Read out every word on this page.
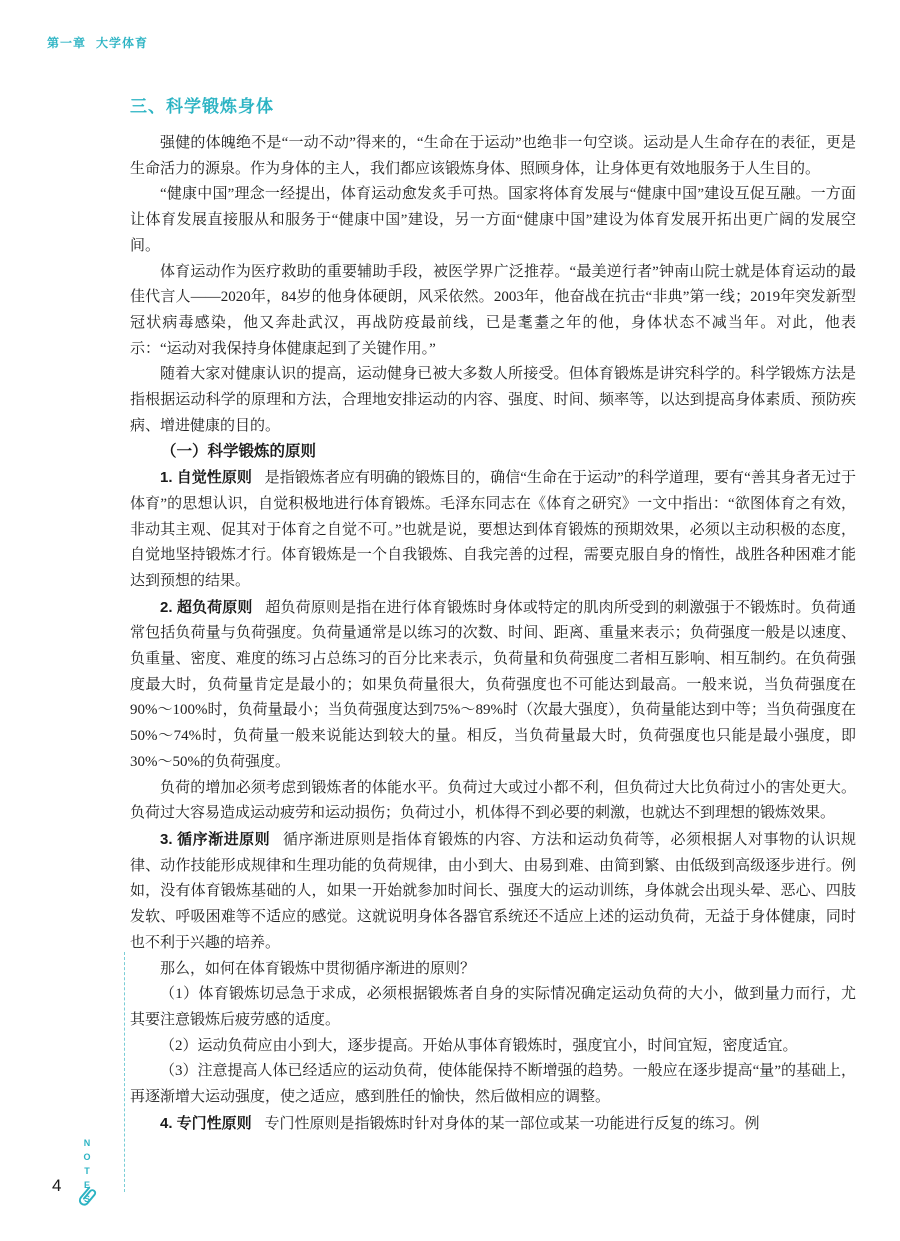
第一章 大学体育
三、科学锻炼身体

强健的体魄绝不是“一动不动”得来的，“生命在于运动”也绝非一句空谈。运动是人生命存在的表征，更是生命活力的源泉。作为身体的主人，我们都应该锻炼身体、照顾身体，让身体更有效地服务于人生目的。

“健康中国”理念一经提出，体育运动愈发炙手可热。国家将体育发展与“健康中国”建设互促互融。一方面让体育发展直接服从和服务于“健康中国”建设，另一方面“健康中国”建设为体育发展开拓出更广阔的发展空间。

体育运动作为医疗救助的重要辅助手段，被医学界广泛推荐。“最美逆行者”钟南山院士就是体育运动的最佳代言人——2020年，84岁的他身体硬朗，风采依然。2003年，他奋战在抗击“非典”第一线；2019年突发新型冠状病毒感染，他又奔赴武汉，再战防疫最前线，已是耄耋之年的他，身体状态不减当年。对此，他表示：“运动对我保持身体健康起到了关键作用。”

随着大家对健康认识的提高，运动健身已被大多数人所接受。但体育锻炼是讲究科学的。科学锻炼方法是指根据运动科学的原理和方法，合理地安排运动的内容、强度、时间、频率等，以达到提高身体素质、预防疾病、增进健康的目的。

（一）科学锻炼的原则

1. 自觉性原则 是指锻炼者应有明确的锻炼目的，确信“生命在于运动”的科学道理，要有“善其身者无过于体育”的思想认识，自觉积极地进行体育锻炼。毛泽东同志在《体育之研究》一文中指出：“欲图体育之有效，非动其主观、促其对于体育之自觉不可。”也就是说，要想达到体育锻炼的预期效果，必须以主动积极的态度，自觉地坚持锻炼才行。体育锻炼是一个自我锻炼、自我完善的过程，需要克服自身的惰性，战胜各种困难才能达到预想的结果。

2. 超负荷原则 超负荷原则是指在进行体育锻炼时身体或特定的肌肉所受到的刺激强于不锻炼时。负荷通常包括负荷量与负荷强度。负荷量通常是以练习的次数、时间、距离、重量来表示；负荷强度一般是以速度、负重量、密度、难度的练习占总练习的百分比来表示，负荷量和负荷强度二者相互影响、相互制约。在负荷强度最大时，负荷量肯定是最小的；如果负荷量很大，负荷强度也不可能达到最高。一般来说，当负荷强度在90%～100%时，负荷量最小；当负荷强度达到75%～89%时（次最大强度），负荷量能达到中等；当负荷强度在50%～74%时，负荷量一般来说能达到较大的量。相反，当负荷量最大时，负荷强度也只能是最小强度，即30%～50%的负荷强度。

负荷的增加必须考虑到锻炼者的体能水平。负荷过大或过小都不利，但负荷过大比负荷过小的害处更大。负荷过大容易造成运动疲劳和运动损伤；负荷过小，机体得不到必要的刺激，也就达不到理想的锻炼效果。

3. 循序渐进原则 循序渐进原则是指体育锻炼的内容、方法和运动负荷等，必须根据人对事物的认识规律、动作技能形成规律和生理功能的负荷规律，由小到大、由易到难、由简到繁、由低级到高级逐步进行。例如，没有体育锻炼基础的人，如果一开始就参加时间长、强度大的运动训练，身体就会出现头晕、恶心、四肢发软、呼吸困难等不适应的感觉。这就说明身体各器官系统还不适应上述的运动负荷，无益于身体健康，同时也不利于兴趣的培养。

那么，如何在体育锻炼中贯彻循序渐进的原则？

（1）体育锻炼切忌急于求成，必须根据锻炼者自身的实际情况确定运动负荷的大小，做到量力而行，尤其要注意锻炼后疲劳感的适度。

（2）运动负荷应由小到大，逐步提高。开始从事体育锻炼时，强度宜小，时间宜短，密度适宜。

（3）注意提高人体已经适应的运动负荷，使体能保持不断增强的趋势。一般应在逐步提高“量”的基础上，再逐渐增大运动强度，使之适应，感到胜任的愉快，然后做相应的调整。

4. 专门性原则 专门性原则是指锻炼时针对身体的某一部位或某一功能进行反复的练习。例

NOTES
4
